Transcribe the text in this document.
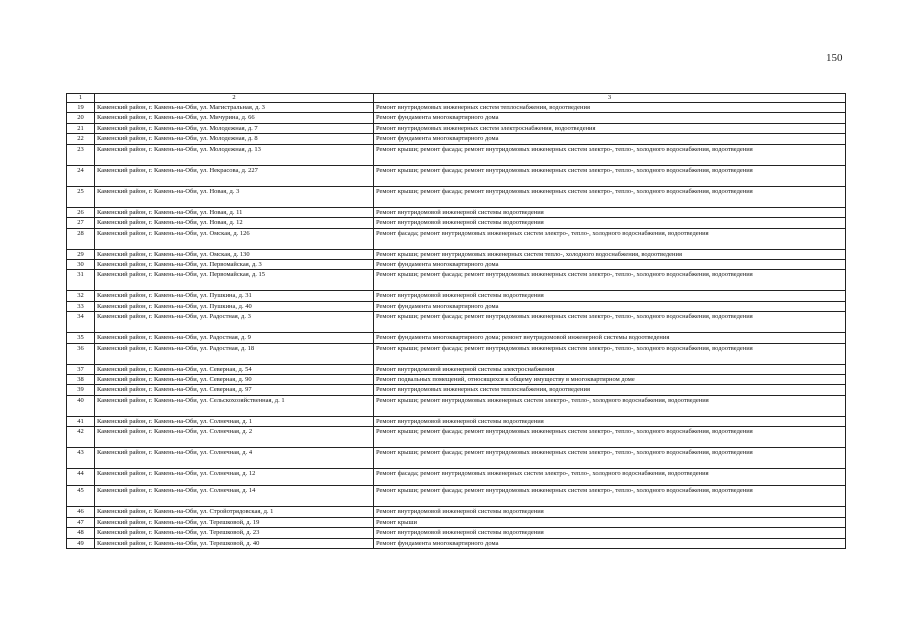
150
1	2	3
19	Каменский район, г. Камень-на-Оби, ул. Магистральная, д. 3	Ремонт внутридомовых инженерных систем теплоснабжения, водоотведения
20	Каменский район, г. Камень-на-Оби, ул. Мичурина, д. 66	Ремонт фундамента многоквартирного дома
21	Каменский район, г. Камень-на-Оби, ул. Молодежная, д. 7	Ремонт внутридомовых инженерных систем электроснабжения, водоотведения
22	Каменский район, г. Камень-на-Оби, ул. Молодежная, д. 8	Ремонт фундамента многоквартирного дома
23	Каменский район, г. Камень-на-Оби, ул. Молодежная, д. 13	Ремонт крыши; ремонт фасада; ремонт внутридомовых инженерных систем электро-, тепло-, холодного водоснабжения, водоотведения
24	Каменский район, г. Камень-на-Оби, ул. Некрасова, д. 227	Ремонт крыши; ремонт фасада; ремонт внутридомовых инженерных систем электро-, тепло-, холодного водоснабжения, водоотведения
25	Каменский район, г. Камень-на-Оби, ул. Новая, д. 3	Ремонт крыши; ремонт фасада; ремонт внутридомовых инженерных систем электро-, тепло-, холодного водоснабжения, водоотведения
26	Каменский район, г. Камень-на-Оби, ул. Новая, д. 11	Ремонт внутридомовой инженерной системы водоотведения
27	Каменский район, г. Камень-на-Оби, ул. Новая, д. 12	Ремонт внутридомовой инженерной системы водоотведения
28	Каменский район, г. Камень-на-Оби, ул. Омская, д. 126	Ремонт фасада; ремонт внутридомовых инженерных систем электро-, тепло-, холодного водоснабжения, водоотведения
29	Каменский район, г. Камень-на-Оби, ул. Омская, д. 130	Ремонт крыши; ремонт внутридомовых инженерных систем тепло-, холодного водоснабжения, водоотведения
30	Каменский район, г. Камень-на-Оби, ул. Первомайская, д. 3	Ремонт фундамента многоквартирного дома
31	Каменский район, г. Камень-на-Оби, ул. Первомайская, д. 15	Ремонт крыши; ремонт фасада; ремонт внутридомовых инженерных систем электро-, тепло-, холодного водоснабжения, водоотведения
32	Каменский район, г. Камень-на-Оби, ул. Пушкина, д. 31	Ремонт внутридомовой инженерной системы водоотведения
33	Каменский район, г. Камень-на-Оби, ул. Пушкина, д. 40	Ремонт фундамента многоквартирного дома
34	Каменский район, г. Камень-на-Оби, ул. Радостная, д. 3	Ремонт крыши; ремонт фасада; ремонт внутридомовых инженерных систем электро-, тепло-, холодного водоснабжения, водоотведения
35	Каменский район, г. Камень-на-Оби, ул. Радостная, д. 9	Ремонт фундамента многоквартирного дома; ремонт внутридомовой инженерной системы водоотведения
36	Каменский район, г. Камень-на-Оби, ул. Радостная, д. 18	Ремонт крыши; ремонт фасада; ремонт внутридомовых инженерных систем электро-, тепло-, холодного водоснабжения, водоотведения
37	Каменский район, г. Камень-на-Оби, ул. Северная, д. 54	Ремонт внутридомовой инженерной системы электроснабжения
38	Каменский район, г. Камень-на-Оби, ул. Северная, д. 90	Ремонт подвальных помещений, относящихся к общему имуществу в многоквартирном доме
39	Каменский район, г. Камень-на-Оби, ул. Северная, д. 97	Ремонт внутридомовых инженерных систем теплоснабжения, водоотведения
40	Каменский район, г. Камень-на-Оби, ул. Сельскохозяйственная, д. 1	Ремонт крыши; ремонт внутридомовых инженерных систем электро-, тепло-, холодного водоснабжения, водоотведения
41	Каменский район, г. Камень-на-Оби, ул. Солнечная, д. 1	Ремонт внутридомовой инженерной системы водоотведения
42	Каменский район, г. Камень-на-Оби, ул. Солнечная, д. 2	Ремонт крыши; ремонт фасада; ремонт внутридомовых инженерных систем электро-, тепло-, холодного водоснабжения, водоотведения
43	Каменский район, г. Камень-на-Оби, ул. Солнечная, д. 4	Ремонт крыши; ремонт фасада; ремонт внутридомовых инженерных систем электро-, тепло-, холодного водоснабжения, водоотведения
44	Каменский район, г. Камень-на-Оби, ул. Солнечная, д. 12	Ремонт фасада; ремонт внутридомовых инженерных систем электро-, тепло-, холодного водоснабжения, водоотведения
45	Каменский район, г. Камень-на-Оби, ул. Солнечная, д. 14	Ремонт крыши; ремонт фасада; ремонт внутридомовых инженерных систем электро-, тепло-, холодного водоснабжения, водоотведения
46	Каменский район, г. Камень-на-Оби, ул. Стройотрядовская, д. 1	Ремонт внутридомовой инженерной системы водоотведения
47	Каменский район, г. Камень-на-Оби, ул. Терешковой, д. 19	Ремонт крыши
48	Каменский район, г. Камень-на-Оби, ул. Терешковой, д. 23	Ремонт внутридомовой инженерной системы водоотведения
49	Каменский район, г. Камень-на-Оби, ул. Терешковой, д. 40	Ремонт фундамента многоквартирного дома
